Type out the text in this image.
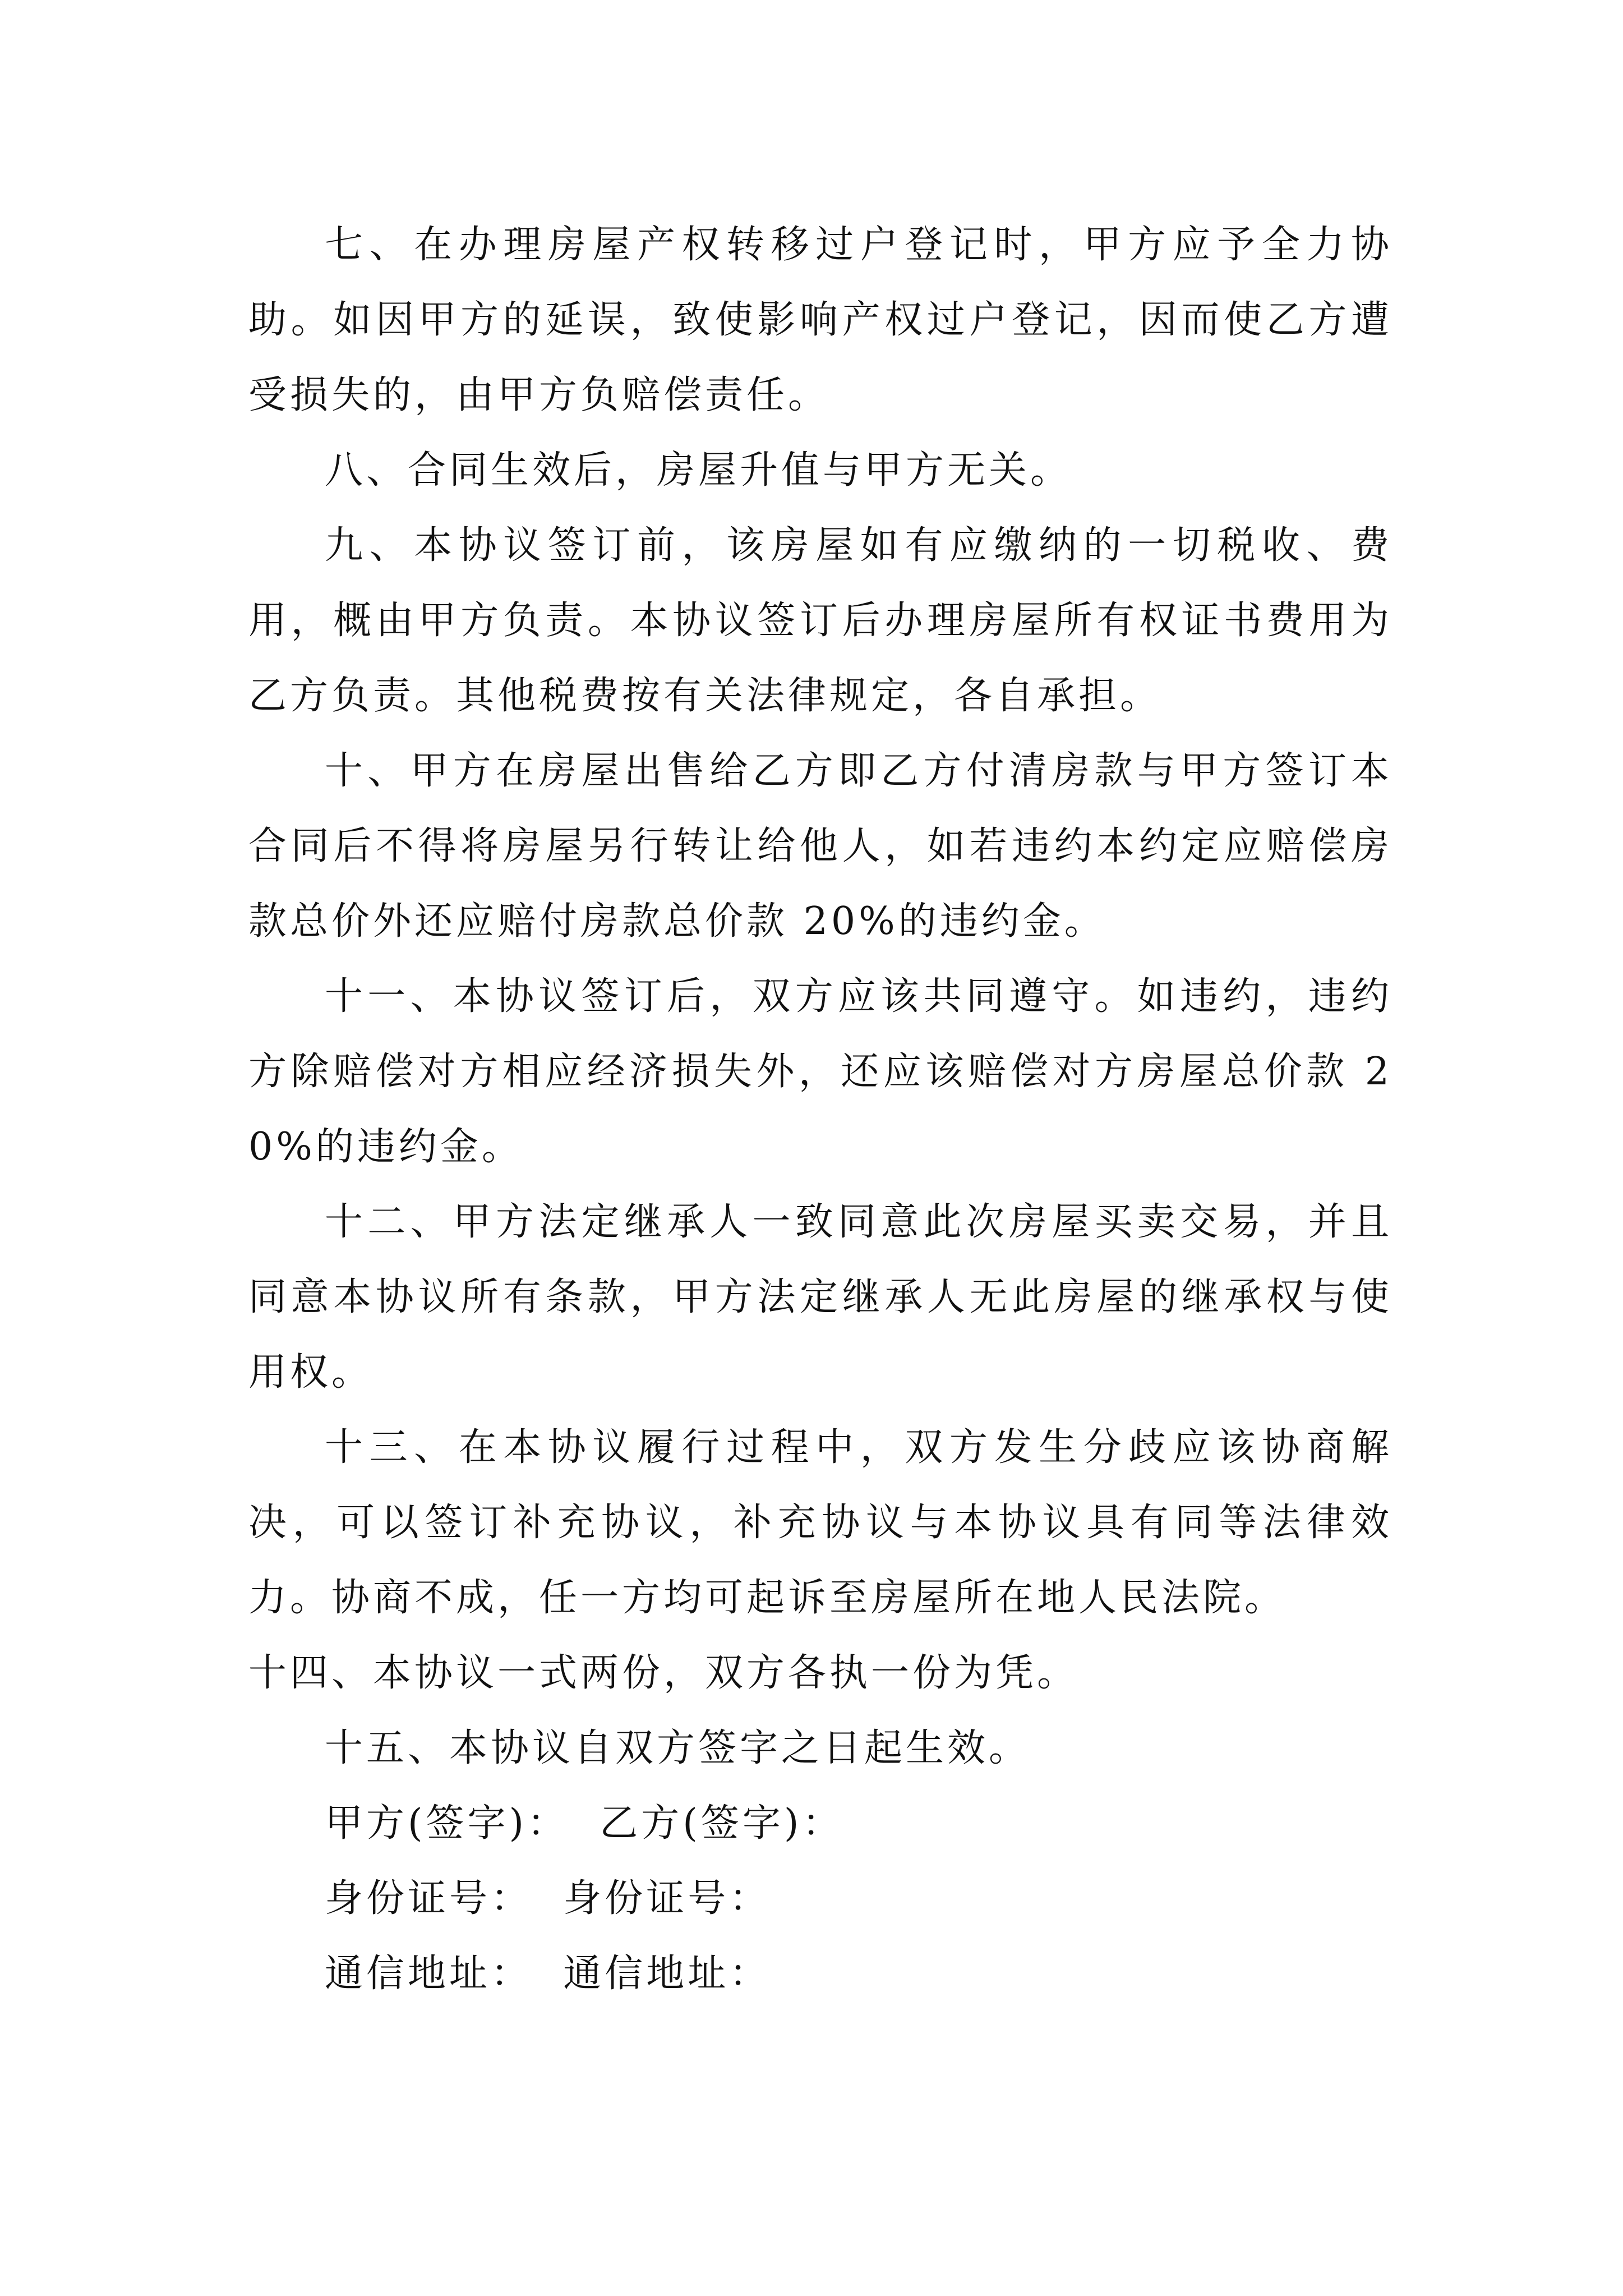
七、在办理房屋产权转移过户登记时，甲方应予全力协助。如因甲方的延误，致使影响产权过户登记，因而使乙方遭受损失的，由甲方负赔偿责任。

八、合同生效后，房屋升值与甲方无关。

九、本协议签订前，该房屋如有应缴纳的一切税收、费用，概由甲方负责。本协议签订后办理房屋所有权证书费用为乙方负责。其他税费按有关法律规定，各自承担。

十、甲方在房屋出售给乙方即乙方付清房款与甲方签订本合同后不得将房屋另行转让给他人，如若违约本约定应赔偿房款总价外还应赔付房款总价款 20%的违约金。

十一、本协议签订后，双方应该共同遵守。如违约，违约方除赔偿对方相应经济损失外，还应该赔偿对方房屋总价款 20%的违约金。

十二、甲方法定继承人一致同意此次房屋买卖交易，并且同意本协议所有条款，甲方法定继承人无此房屋的继承权与使用权。

十三、在本协议履行过程中，双方发生分歧应该协商解决，可以签订补充协议，补充协议与本协议具有同等法律效力。协商不成，任一方均可起诉至房屋所在地人民法院。

十四、本协议一式两份，双方各执一份为凭。

十五、本协议自双方签字之日起生效。

甲方(签字)： 乙方(签字)：

身份证号： 身份证号：

通信地址： 通信地址：
